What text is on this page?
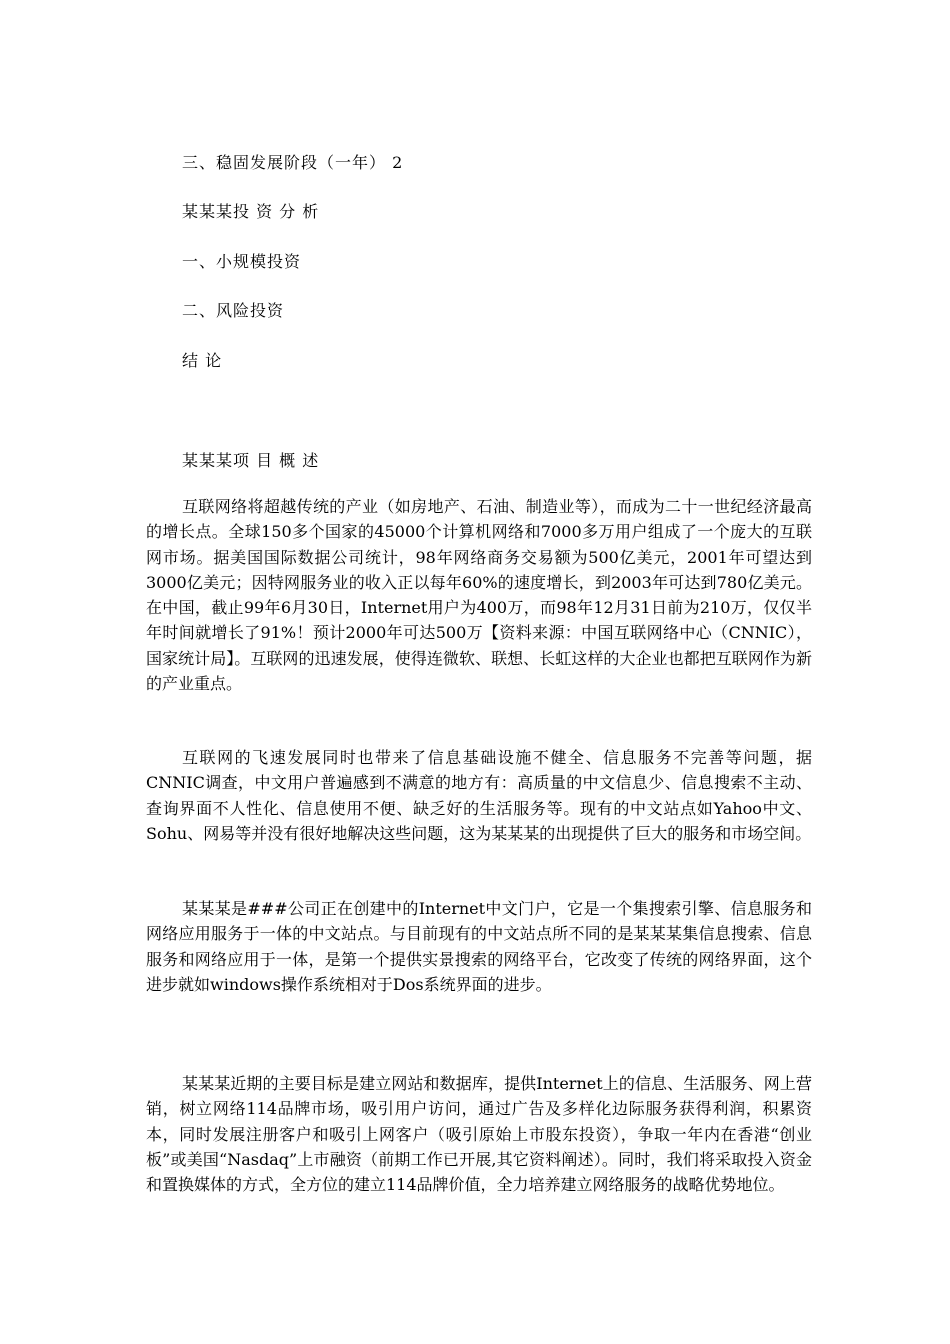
三、稳固发展阶段（一年） 2
某某某投 资 分 析
一、小规模投资
二、风险投资
结 论
某某某项 目 概 述

互联网络将超越传统的产业（如房地产、石油、制造业等），而成为二十一世纪经济最高的增长点。全球150多个国家的45000个计算机网络和7000多万用户组成了一个庞大的互联网市场。据美国国际数据公司统计，98年网络商务交易额为500亿美元，2001年可望达到3000亿美元；因特网服务业的收入正以每年60%的速度增长，到2003年可达到780亿美元。在中国，截止99年6月30日，Internet用户为400万，而98年12月31日前为210万，仅仅半年时间就增长了91%！预计2000年可达500万【资料来源：中国互联网络中心（CNNIC），国家统计局】。互联网的迅速发展，使得连微软、联想、长虹这样的大企业也都把互联网作为新的产业重点。

互联网的飞速发展同时也带来了信息基础设施不健全、信息服务不完善等问题，据CNNIC调查，中文用户普遍感到不满意的地方有：高质量的中文信息少、信息搜索不主动、查询界面不人性化、信息使用不便、缺乏好的生活服务等。现有的中文站点如Yahoo中文、Sohu、网易等并没有很好地解决这些问题，这为某某某的出现提供了巨大的服务和市场空间。

某某某是###公司正在创建中的Internet中文门户，它是一个集搜索引擎、信息服务和网络应用服务于一体的中文站点。与目前现有的中文站点所不同的是某某某集信息搜索、信息服务和网络应用于一体，是第一个提供实景搜索的网络平台，它改变了传统的网络界面，这个进步就如windows操作系统相对于Dos系统界面的进步。

某某某近期的主要目标是建立网站和数据库，提供Internet上的信息、生活服务、网上营销，树立网络114品牌市场，吸引用户访问，通过广告及多样化边际服务获得利润，积累资本，同时发展注册客户和吸引上网客户（吸引原始上市股东投资），争取一年内在香港“创业板”或美国“Nasdaq”上市融资（前期工作已开展,其它资料阐述）。同时，我们将采取投入资金和置换媒体的方式，全方位的建立114品牌价值，全力培养建立网络服务的战略优势地位。
